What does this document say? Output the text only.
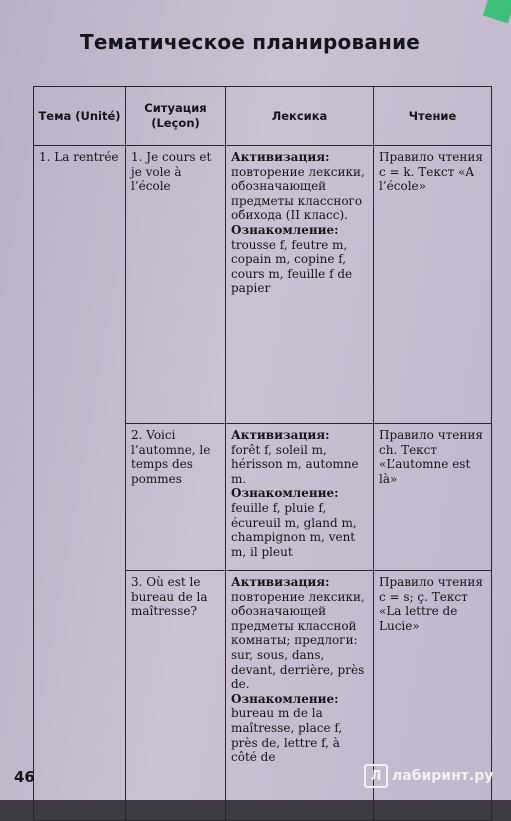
Тематическое планирование
Тема (Unité)	Ситуация (Leçon)	Лексика	Чтение
1. La rentrée	1. Je cours et je vole à l’école	Активизация:
повторение лексики, обозначающей предметы классного обихода (II класс).
Ознакомление:
trousse f, feutre m, copain m, copine f, cours m, feuille f de papier	Правило чтения c = k. Текст «A l’école»
	2. Voici l’automne, le temps des pommes	Активизация:
forêt f, soleil m, hérisson m, automne m.
Ознакомление:
feuille f, pluie f, écureuil m, gland m, champignon m, vent m, il pleut	Правило чтения ch. Текст «L’automne est là»
	3. Où est le bureau de la maîtresse?	Активизация:
повторение лексики, обозначающей предметы классной комнаты; предлоги: sur, sous, dans, devant, derrière, près de.
Ознакомление:
bureau m de la maîtresse, place f, près de, lettre f, à côté de	Правило чтения c = s; ç. Текст «La lettre de Lucie»
46	Л лабиринт.ру
